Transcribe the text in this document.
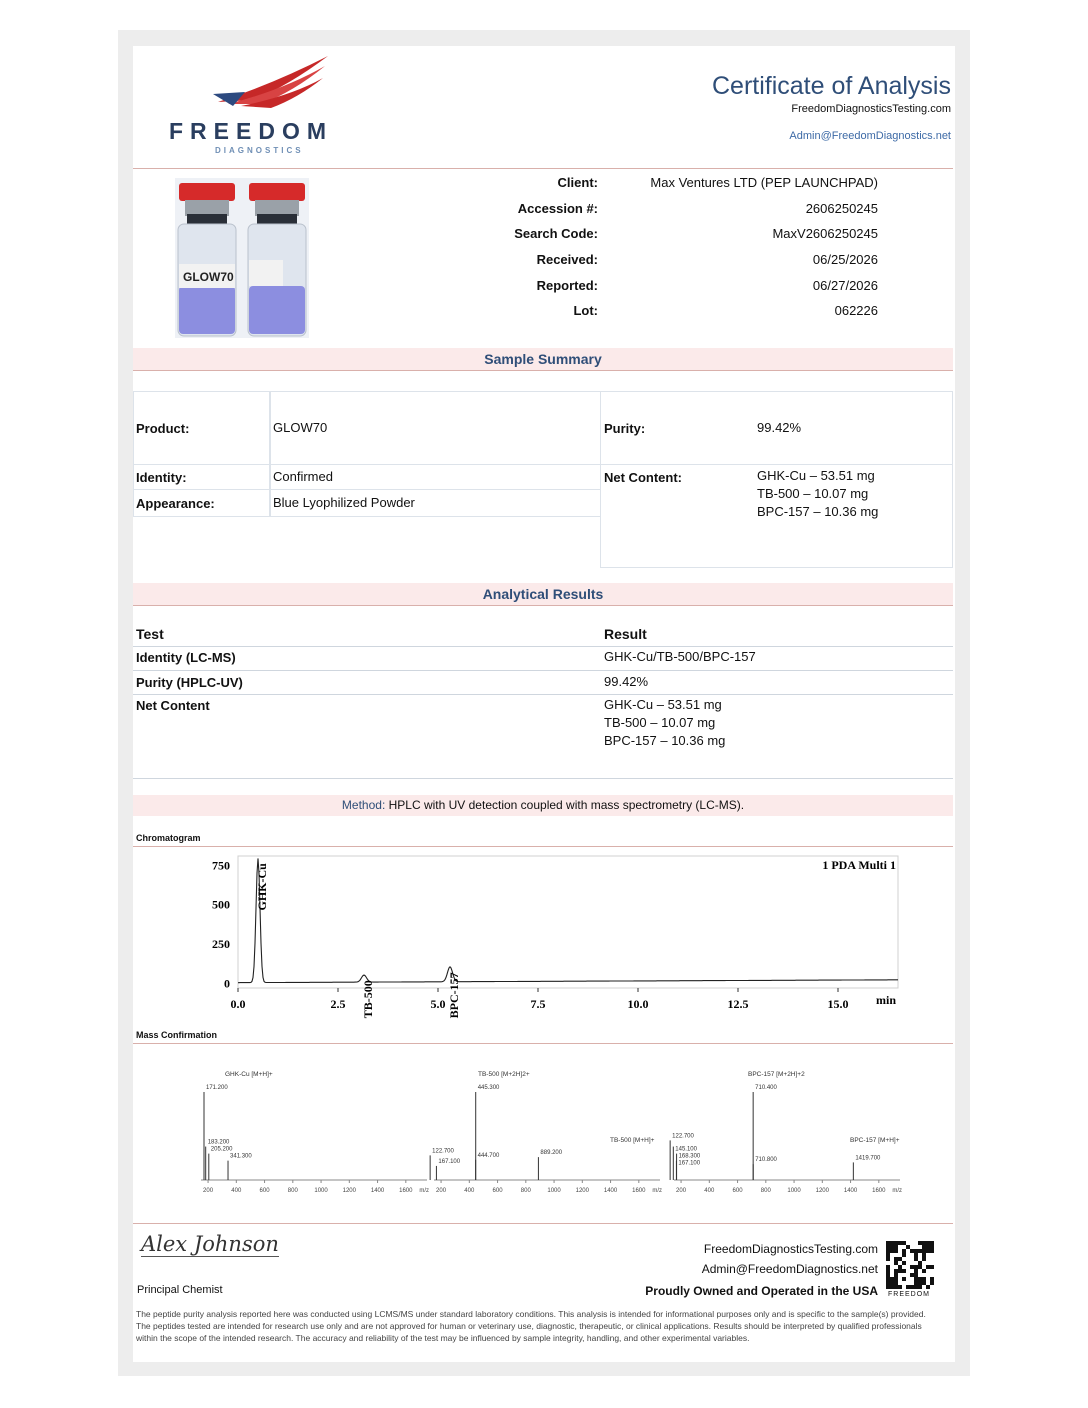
FREEDOM
DIAGNOSTICS
Certificate of Analysis
FreedomDiagnosticsTesting.com
Admin@FreedomDiagnostics.net
GLOW70
Client:	Max Ventures LTD (PEP LAUNCHPAD)
Accession #:	2606250245
Search Code:	MaxV2606250245
Received:	06/25/2026
Reported:	06/27/2026
Lot:	062226
Sample Summary
Product:	GLOW70
Identity:	Confirmed
Appearance:	Blue Lyophilized Powder
Purity:	99.42%
Net Content:	GHK-Cu – 53.51 mg
TB-500 – 10.07 mg
BPC-157 – 10.36 mg
Analytical Results
Test	Result
Identity (LC-MS)	GHK-Cu/TB-500/BPC-157
Purity (HPLC-UV)	99.42%
Net Content	GHK-Cu – 53.51 mg
TB-500 – 10.07 mg
BPC-157 – 10.36 mg
Method: HPLC with UV detection coupled with mass spectrometry (LC-MS).
Chromatogram
0.0	2.5	5.0	7.5	10.0	12.5	15.0
0
250
500
750
min
1 PDA Multi 1
GHK-Cu
TB-500	BPC-157
Mass Confirmation
200	400	600	800	1000 1200 1400 1600 m/z
171.200
183.200
205.200
341.300
GHK-Cu [M+H]+
200	400	600	800	1000 1200 1400 1600 m/z
122.700
167.100
444.700
445.300
889.200
TB-500 [M+2H]2+
TB-500 [M+H]+
200	400	600	800	1000 1200 1400 1600 m/z
122.700
145.100
168.300
167.100
710.400
710.800	1419.700
BPC-157 [M+2H]+2
BPC-157 [M+H]+
Alex Johnson
Principal Chemist
FreedomDiagnosticsTesting.com
Admin@FreedomDiagnostics.net
Proudly Owned and Operated in the USA FREEDOM
The peptide purity analysis reported here was conducted using LCMS/MS under standard laboratory conditions. This analysis is intended for informational purposes only and is specific to the sample(s) provided. The peptides tested are intended for research use only and are not approved for human or veterinary use, diagnostic, therapeutic, or clinical applications. Results should be interpreted by qualified professionals within the scope of the intended research. The accuracy and reliability of the test may be influenced by sample integrity, handling, and other experimental variables.
